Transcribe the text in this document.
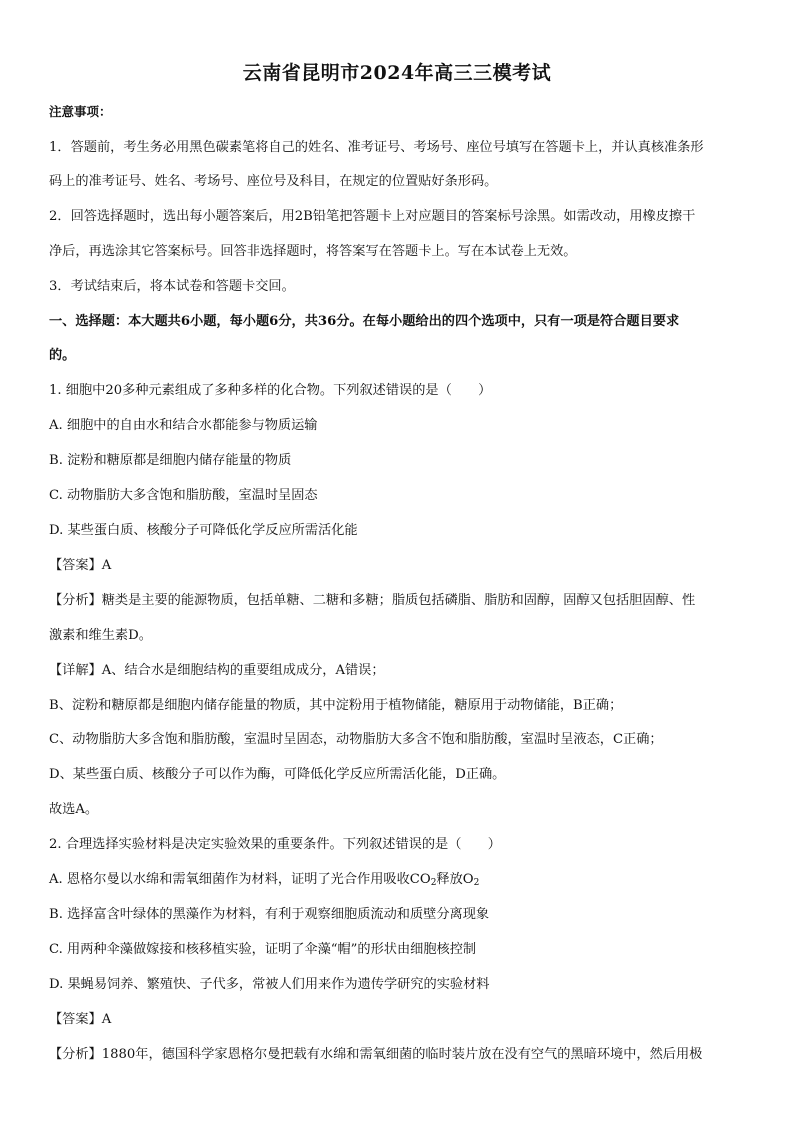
云南省昆明市2024年高三三模考试
注意事项：
1．答题前，考生务必用黑色碳素笔将自己的姓名、准考证号、考场号、座位号填写在答题卡上，并认真核准条形
码上的准考证号、姓名、考场号、座位号及科目，在规定的位置贴好条形码。
2．回答选择题时，选出每小题答案后，用2B铅笔把答题卡上对应题目的答案标号涂黑。如需改动，用橡皮擦干
净后，再选涂其它答案标号。回答非选择题时，将答案写在答题卡上。写在本试卷上无效。
3．考试结束后，将本试卷和答题卡交回。
一、选择题：本大题共6小题，每小题6分，共36分。在每小题给出的四个选项中，只有一项是符合题目要求
的。
1. 细胞中20多种元素组成了多种多样的化合物。下列叙述错误的是（　　）
A. 细胞中的自由水和结合水都能参与物质运输
B. 淀粉和糖原都是细胞内储存能量的物质
C. 动物脂肪大多含饱和脂肪酸，室温时呈固态
D. 某些蛋白质、核酸分子可降低化学反应所需活化能
【答案】A
【分析】糖类是主要的能源物质，包括单糖、二糖和多糖；脂质包括磷脂、脂肪和固醇，固醇又包括胆固醇、性
激素和维生素D。
【详解】A、结合水是细胞结构的重要组成成分，A错误；
B、淀粉和糖原都是细胞内储存能量的物质，其中淀粉用于植物储能，糖原用于动物储能，B正确；
C、动物脂肪大多含饱和脂肪酸，室温时呈固态，动物脂肪大多含不饱和脂肪酸，室温时呈液态，C正确；
D、某些蛋白质、核酸分子可以作为酶，可降低化学反应所需活化能，D正确。
故选A。
2. 合理选择实验材料是决定实验效果的重要条件。下列叙述错误的是（　　）
A. 恩格尔曼以水绵和需氧细菌作为材料，证明了光合作用吸收$CO_2$释放$O_2$
B. 选择富含叶绿体的黑藻作为材料，有利于观察细胞质流动和质壁分离现象
C. 用两种伞藻做嫁接和核移植实验，证明了伞藻“帽”的形状由细胞核控制
D. 果蝇易饲养、繁殖快、子代多，常被人们用来作为遗传学研究的实验材料
【答案】A
【分析】1880年，德国科学家恩格尔曼把载有水绵和需氧细菌的临时装片放在没有空气的黑暗环境中，然后用极
